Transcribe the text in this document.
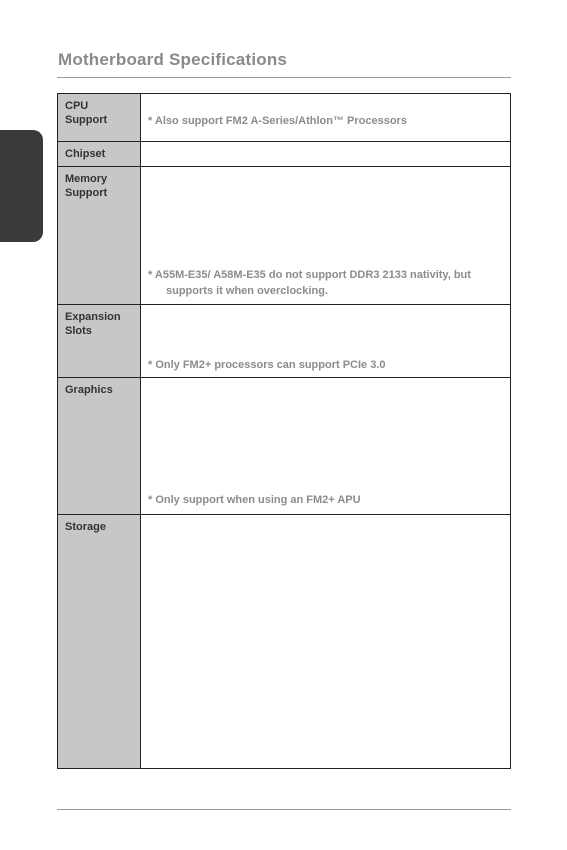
Motherboard Specifications
CPU
Support	* Also support FM2 A-Series/Athlon™ Processors
Chipset
Memory
Support
* A55M-E35/ A58M-E35 do not support DDR3 2133 nativity, but
supports it when overclocking.
Expansion
Slots
* Only FM2+ processors can support PCIe 3.0
Graphics
* Only support when using an FM2+ APU
Storage
